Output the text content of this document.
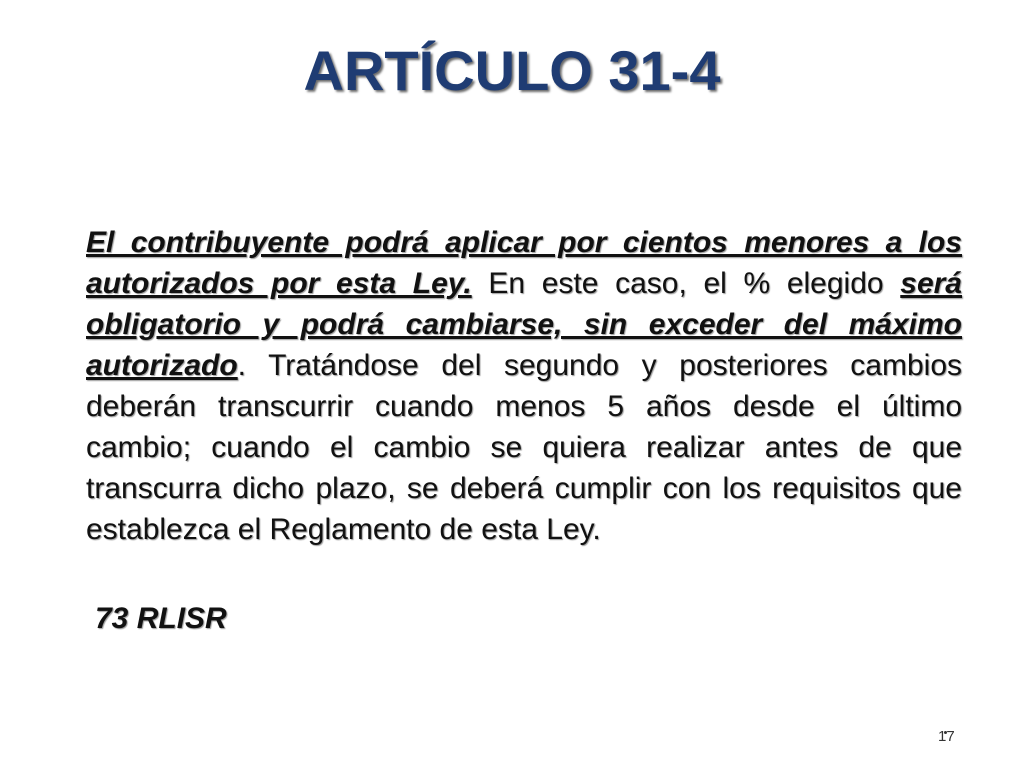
ARTÍCULO 31-4

El contribuyente podrá aplicar por cientos menores a los autorizados por esta Ley. En este caso, el % elegido será obligatorio y podrá cambiarse, sin exceder del máximo autorizado. Tratándose del segundo y posteriores cambios deberán transcurrir cuando menos 5 años desde el último cambio; cuando el cambio se quiera realizar antes de que transcurra dicho plazo, se deberá cumplir con los requisitos que establezca el Reglamento de esta Ley.

73 RLISR
17
